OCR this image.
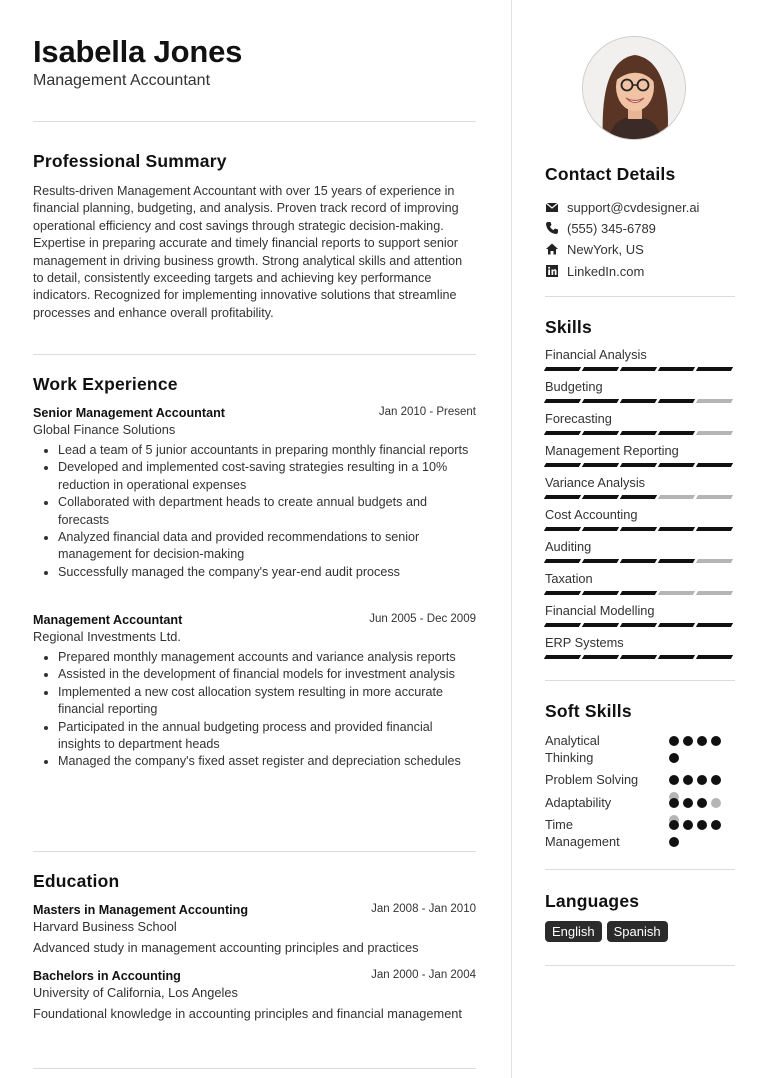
Isabella Jones
Management Accountant
Professional Summary
Results-driven Management Accountant with over 15 years of experience in financial planning, budgeting, and analysis. Proven track record of improving operational efficiency and cost savings through strategic decision-making. Expertise in preparing accurate and timely financial reports to support senior management in driving business growth. Strong analytical skills and attention to detail, consistently exceeding targets and achieving key performance indicators. Recognized for implementing innovative solutions that streamline processes and enhance overall profitability.
Work Experience
Senior Management Accountant	Jan 2010 - Present
Global Finance Solutions
Lead a team of 5 junior accountants in preparing monthly financial reports
Developed and implemented cost-saving strategies resulting in a 10% reduction in operational expenses
Collaborated with department heads to create annual budgets and forecasts
Analyzed financial data and provided recommendations to senior management for decision-making
Successfully managed the company's year-end audit process
Management Accountant	Jun 2005 - Dec 2009
Regional Investments Ltd.
Prepared monthly management accounts and variance analysis reports
Assisted in the development of financial models for investment analysis
Implemented a new cost allocation system resulting in more accurate financial reporting
Participated in the annual budgeting process and provided financial insights to department heads
Managed the company's fixed asset register and depreciation schedules
Education
Masters in Management Accounting	Jan 2008 - Jan 2010
Harvard Business School
Advanced study in management accounting principles and practices
Bachelors in Accounting	Jan 2000 - Jan 2004
University of California, Los Angeles
Foundational knowledge in accounting principles and financial management
Contact Details
support@cvdesigner.ai
(555) 345-6789
NewYork, US
LinkedIn.com
Skills
Financial Analysis
Budgeting
Forecasting
Management Reporting
Variance Analysis
Cost Accounting
Auditing
Taxation
Financial Modelling
ERP Systems
Soft Skills
Analytical Thinking
Problem Solving
Adaptability
Time Management
Languages
English	Spanish
